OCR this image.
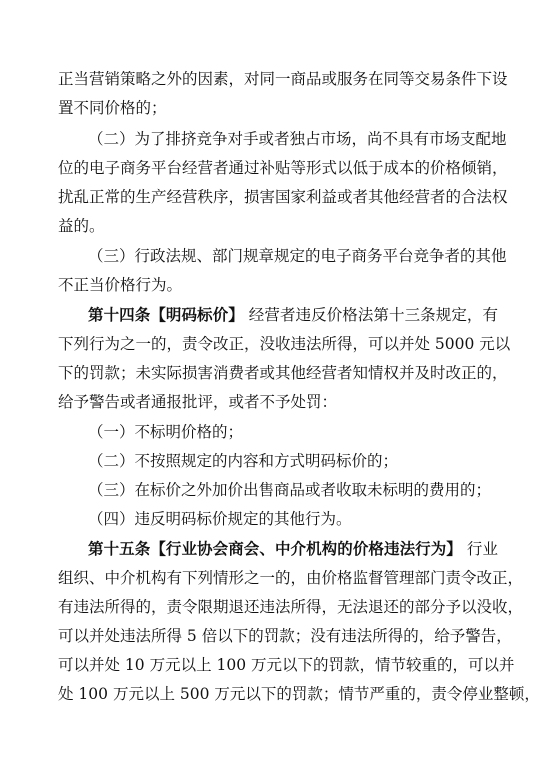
正当营销策略之外的因素，对同一商品或服务在同等交易条件下设
置不同价格的；
（二）为了排挤竞争对手或者独占市场，尚不具有市场支配地
位的电子商务平台经营者通过补贴等形式以低于成本的价格倾销，
扰乱正常的生产经营秩序，损害国家利益或者其他经营者的合法权
益的。
（三）行政法规、部门规章规定的电子商务平台竞争者的其他
不正当价格行为。
第十四条【明码标价】 经营者违反价格法第十三条规定，有
下列行为之一的，责令改正，没收违法所得，可以并处 5000 元以
下的罚款；未实际损害消费者或其他经营者知情权并及时改正的，
给予警告或者通报批评，或者不予处罚：
（一）不标明价格的；
（二）不按照规定的内容和方式明码标价的；
（三）在标价之外加价出售商品或者收取未标明的费用的；
（四）违反明码标价规定的其他行为。
第十五条【行业协会商会、中介机构的价格违法行为】 行业
组织、中介机构有下列情形之一的，由价格监督管理部门责令改正，
有违法所得的，责令限期退还违法所得，无法退还的部分予以没收，
可以并处违法所得 5 倍以下的罚款；没有违法所得的，给予警告，
可以并处 10 万元以上 100 万元以下的罚款，情节较重的，可以并
处 100 万元以上 500 万元以下的罚款；情节严重的，责令停业整顿，
